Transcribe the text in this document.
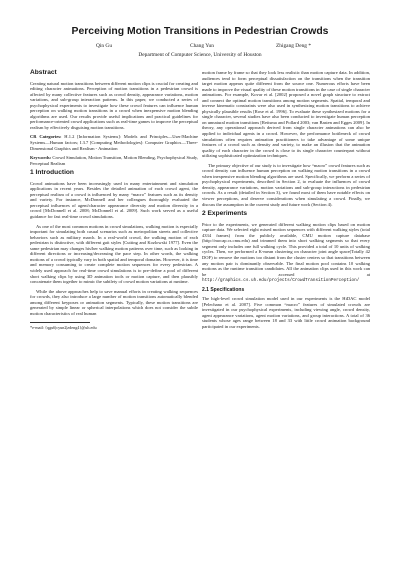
Perceiving Motion Transitions in Pedestrian Crowds
Qin Gu	Chang Yun	Zhigang Deng *
Department of Computer Science, University of Houston
Abstract

Creating natural motion transitions between different motion clips is crucial for creating and editing character animations. Perception of motion transitions in a pedestrian crowd is affected by many collective features such as crowd density, appearance variations, motion variations, and sub-group interaction patterns. In this paper, we conducted a series of psychophysical experiments to investigate how these crowd features can influence human perception on walking motion transitions in a crowd when inexpensive motion blending algorithms are used. Our results provide useful implications and practical guidelines for performance-oriented crowd applications such as real-time games to improve the perceptual realism by effectively disguising motion transitions.

CR Categories: H.1.2 [Information Systems]: Models and Principles—User/Machine Systems—Human factors; I.3.7 [Computing Methodologies]: Computer Graphics—Three-Dimensional Graphics and Realism - Animation

Keywords: Crowd Simulation, Motion Transition, Motion Blending, Psychophysical Study, Perceptual Realism

1 Introduction

Crowd animations have been increasingly used in many entertainment and simulation applications in recent years. Besides the detailed animation of each crowd agent, the perceptual realism of a crowd is influenced by many “macro” features such as its density and variety. For instance, McDonnell and her colleagues thoroughly evaluated the perceptual influences of agent/character appearance diversity and motion diversity in a crowd [McDonnell et al. 2008; McDonnell et al. 2009]. Such work served as a useful guidance for fast real-time crowd simulations.

As one of the most common motions in crowd simulations, walking motion is especially important for simulating both casual scenarios such as metropolitan streets and collective behaviors such as military march. In a real-world crowd, the walking motion of each pedestrian is distinctive, with different gait styles [Cutting and Kozlowski 1977]. Even the same pedestrian may changes his/her walking motion patterns over time, such as looking in different directions or increasing/decreasing the pace step. In other words, the walking motions of a crowd typically vary in both spatial and temporal domains. However, it is time and memory consuming to create complete motion sequences for every pedestrian. A widely used approach for real-time crowd simulations is to pre-define a pool of different short walking clips by using 3D animation tools or motion capture, and then plausibly concatenate them together to mimic the subtlety of crowd motion variations at runtime.

While the above approaches help to save manual efforts in creating walking sequences for crowds, they also introduce a large number of motion transitions automatically blended among different keyposes or animation segments. Typically, these motion transitions are generated by simple linear or spherical interpolations which does not consider the subtle motion characteristics of real human

*e-mail: {qgu6|cyun2|zdeng4}@uh.edu

motion frame by frame so that they look less realistic than motion capture data. In addition, audiences tend to form perceptual dissatisfaction on the transitions when the transition target motion appears quite different from the source one. Numerous efforts have been made to improve the visual quality of these motion transitions in the case of single character animations. For example, Kovar et al. [2002] proposed a novel graph structure to extract and connect the optimal motion transitions among motion segments. Spatial, temporal and inverse kinematic constraints were also used in synthesizing motion transitions to achieve physically plausible results [Rose et al. 1996]. To evaluate these synthesized motions for a single character, several studies have also been conducted to investigate human perception on unnatural motion transitions [Reitsma and Pollard 2003; van Basten and Egges 2009]. In theory, any operational approach derived from single character animations can also be applied to individual agents in a crowd. However, the performance bottleneck of crowd simulations often requires animation practitioners to take advantage of some unique features of a crowd such as density and variety, to make an illusion that the animation quality of each character in the crowd is close to its single character counterpart without utilizing sophisticated optimization techniques.

The primary objective of our study is to investigate how “macro” crowd features such as crowd density can influence human perception on walking motion transitions in a crowd when inexpensive motion blending algorithms are used. Specifically, we perform a series of psychophysical experiments, described in Section 2, to evaluate the influences of crowd density, appearance variations, motion variations and sub-group interactions in pedestrian crowds. As a result (detailed in Section 3), we found most of them have notable effects on viewer perceptions, and deserve considerations when simulating a crowd. Finally, we discuss the assumption in the current study and future work (Section 4).

2 Experiments

Prior to the experiments, we generated different walking motion clips based on motion capture data. We selected eight mixed motion sequences with different walking styles (total 4334 frames) from the publicly available, CMU motion capture database (http://mocap.cs.cmu.edu) and trimmed them into short walking segments so that every segment only includes one full walking cycle. This provided a total of 10 units of walking cycles. Then, we performed a K-mean clustering on character joint angle space(Totally 42 DOF) to remove the motions too distant from the cluster centers so that transitions between any motion pair is dominantly observable. The final motion pool contains 10 walking motions as the runtime transition candidates. All the animation clips used in this work can be accessed at http://graphics.cs.uh.edu/projects/CrowdTransitionPerception/

2.1 Specifications

The high-level crowd simulation model used in our experiments is the HiDAC model [Pelechano et al. 2007]. Five common “macro” features of simulated crowds are investigated in our psychophysical experiments, including viewing angle, crowd density, agent appearance variations, agent motion variations, and group interactions. A total of 36 students whose ages range between 18 and 33 with little crowd animation background participated in our experiments.
